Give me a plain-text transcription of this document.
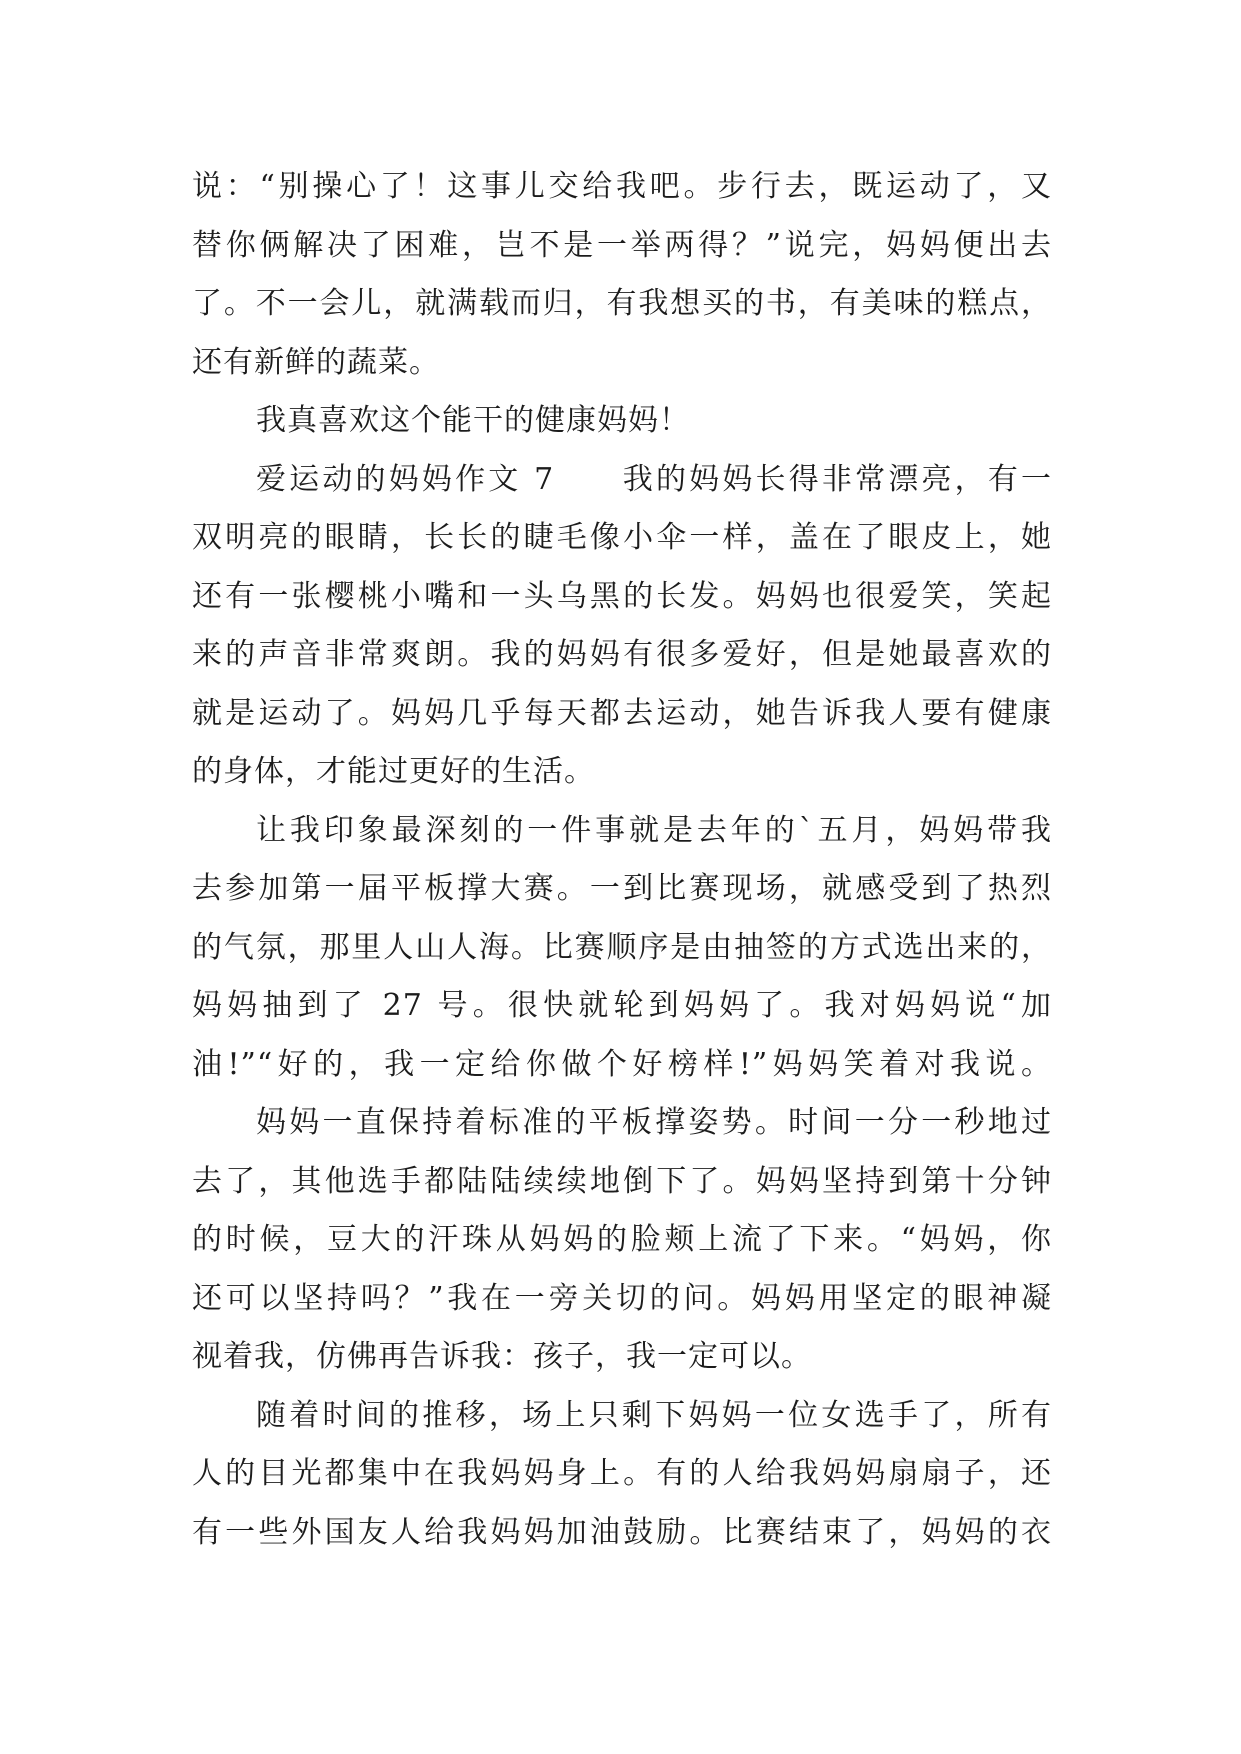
说：“别操心了！这事儿交给我吧。步行去，既运动了，又
替你俩解决了困难，岂不是一举两得？”说完，妈妈便出去
了。不一会儿，就满载而归，有我想买的书，有美味的糕点，
还有新鲜的蔬菜。
我真喜欢这个能干的健康妈妈！
爱运动的妈妈作文 7　　我的妈妈长得非常漂亮，有一
双明亮的眼睛，长长的睫毛像小伞一样，盖在了眼皮上，她
还有一张樱桃小嘴和一头乌黑的长发。妈妈也很爱笑，笑起
来的声音非常爽朗。我的妈妈有很多爱好，但是她最喜欢的
就是运动了。妈妈几乎每天都去运动，她告诉我人要有健康
的身体，才能过更好的生活。
让我印象最深刻的一件事就是去年的`五月，妈妈带我
去参加第一届平板撑大赛。一到比赛现场，就感受到了热烈
的气氛，那里人山人海。比赛顺序是由抽签的方式选出来的，
妈妈抽到了 27 号。很快就轮到妈妈了。我对妈妈说“加
油!”“好的，我一定给你做个好榜样!”妈妈笑着对我说。
妈妈一直保持着标准的平板撑姿势。时间一分一秒地过
去了，其他选手都陆陆续续地倒下了。妈妈坚持到第十分钟
的时候，豆大的汗珠从妈妈的脸颊上流了下来。“妈妈，你
还可以坚持吗？”我在一旁关切的问。妈妈用坚定的眼神凝
视着我，仿佛再告诉我：孩子，我一定可以。
随着时间的推移，场上只剩下妈妈一位女选手了，所有
人的目光都集中在我妈妈身上。有的人给我妈妈扇扇子，还
有一些外国友人给我妈妈加油鼓励。比赛结束了，妈妈的衣
